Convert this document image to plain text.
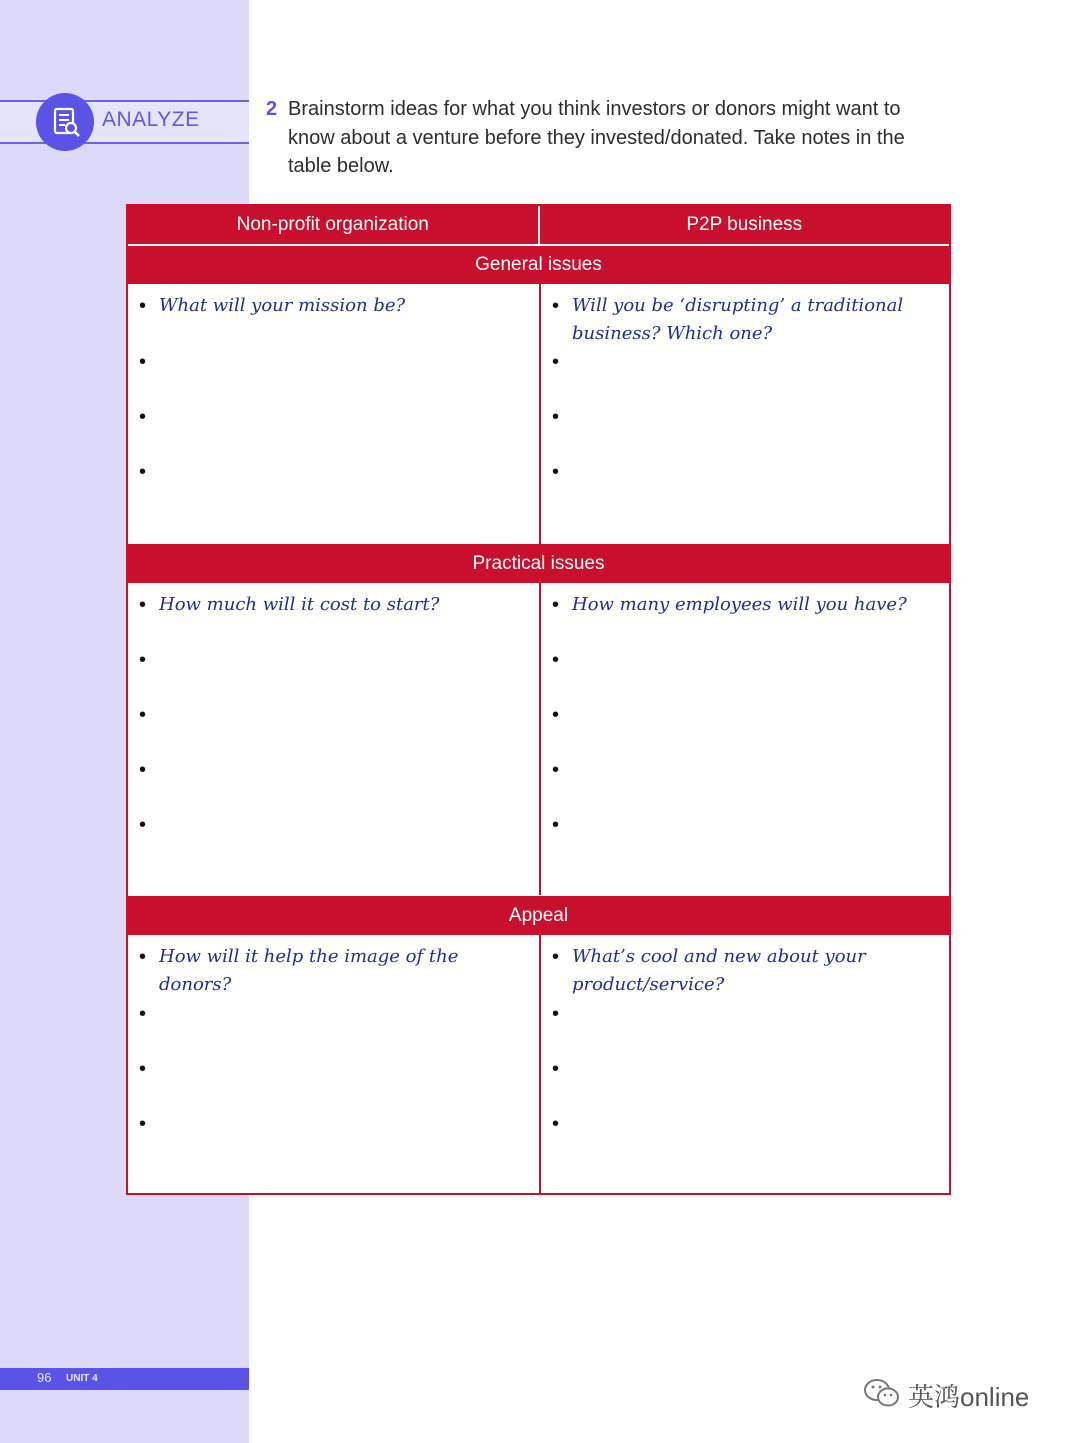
ANALYZE
96 UNIT 4
2 Brainstorm ideas for what you think investors or donors might want to know about a venture before they invested/donated. Take notes in the table below.
Non-profit organization	P2P business
General issues
• What will your mission be?
•
•
•
• Will you be ‘disrupting’ a traditional business? Which one?
•
•
•
Practical issues
• How much will it cost to start?
•
•
•
•
• How many employees will you have?
•
•
•
•
Appeal
• How will it help the image of the donors?
•
•
•
• What’s cool and new about your product/service?
•
•
•
英鸿online
